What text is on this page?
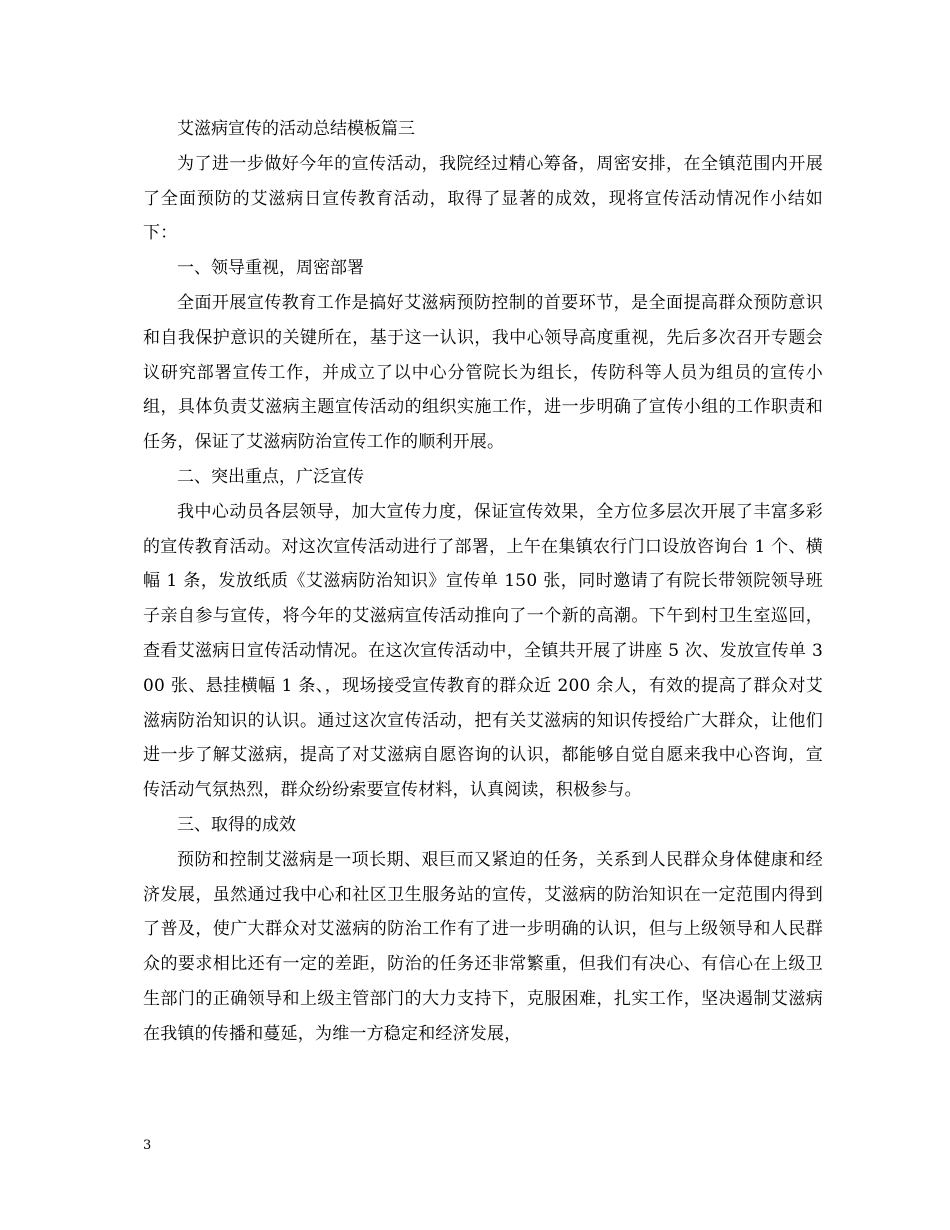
艾滋病宣传的活动总结模板篇三

为了进一步做好今年的宣传活动，我院经过精心筹备，周密安排，在全镇范围内开展了全面预防的艾滋病日宣传教育活动，取得了显著的成效，现将宣传活动情况作小结如下：

一、领导重视，周密部署

全面开展宣传教育工作是搞好艾滋病预防控制的首要环节，是全面提高群众预防意识和自我保护意识的关键所在，基于这一认识，我中心领导高度重视，先后多次召开专题会议研究部署宣传工作，并成立了以中心分管院长为组长，传防科等人员为组员的宣传小组，具体负责艾滋病主题宣传活动的组织实施工作，进一步明确了宣传小组的工作职责和任务，保证了艾滋病防治宣传工作的顺利开展。

二、突出重点，广泛宣传

我中心动员各层领导，加大宣传力度，保证宣传效果，全方位多层次开展了丰富多彩的宣传教育活动。对这次宣传活动进行了部署，上午在集镇农行门口设放咨询台 1 个、横幅 1 条，发放纸质《艾滋病防治知识》宣传单 150 张，同时邀请了有院长带领院领导班子亲自参与宣传，将今年的艾滋病宣传活动推向了一个新的高潮。下午到村卫生室巡回，查看艾滋病日宣传活动情况。在这次宣传活动中，全镇共开展了讲座 5 次、发放宣传单 300 张、悬挂横幅 1 条、，现场接受宣传教育的群众近 200 余人，有效的提高了群众对艾滋病防治知识的认识。通过这次宣传活动，把有关艾滋病的知识传授给广大群众，让他们进一步了解艾滋病，提高了对艾滋病自愿咨询的认识，都能够自觉自愿来我中心咨询，宣传活动气氛热烈，群众纷纷索要宣传材料，认真阅读，积极参与。

三、取得的成效

预防和控制艾滋病是一项长期、艰巨而又紧迫的任务，关系到人民群众身体健康和经济发展，虽然通过我中心和社区卫生服务站的宣传，艾滋病的防治知识在一定范围内得到了普及，使广大群众对艾滋病的防治工作有了进一步明确的认识，但与上级领导和人民群众的要求相比还有一定的差距，防治的任务还非常繁重，但我们有决心、有信心在上级卫生部门的正确领导和上级主管部门的大力支持下，克服困难，扎实工作，坚决遏制艾滋病在我镇的传播和蔓延，为维一方稳定和经济发展，

3
